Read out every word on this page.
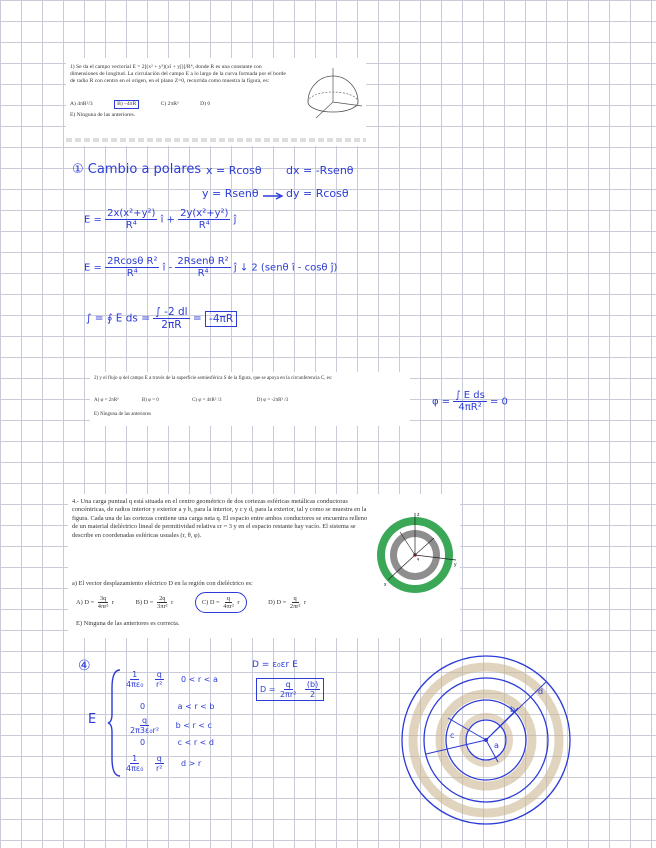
1) Se da el campo vectorial E = 2[(x² + y²)(xî + yĵ)]/R⁴, donde R es una constante con dimensiones de longitud. La circulación del campo E a lo largo de la curva formada por el borde de radio R con centro en el origen, en el plano Z=0, recorrida como muestra la figura, es:
A) 4πR²/3	B) –4πR	C) 2πR²	D) 0
E) Ninguna de las anteriores.
① Cambio a polares x = Rcosθ dx = -Rsenθ
y = Rsenθ dy = Rcosθ
$E = \frac{\text{2x(x²+y²)}}{\text{R⁴}}$ î + $\frac{\text{2y(x²+y²)}}{\text{R⁴}}$ ĵ
$E = \frac{\text{2Rcosθ R²}}{\text{R⁴}}$ î - $\frac{\text{2Rsenθ R²}}{\text{R⁴}}$ ĵ ↓ 2 (senθ î - cosθ ĵ)
∫ = ∮ E ds = $\frac{\int -2 dl}{2\pi R} = -4\pi R$
2) y el flujo φ del campo E a través de la superficie semiesférica S de la figura, que se apoya en la circunferencia C, es:
A) φ = 2πR²	B) φ = 0	C) φ = 4πR² /3	D) φ = -2πR² /3
E) Ninguna de las anteriores
$\varphi = \frac{\text{∫ E ds}}{\text{4πR²}} = 0$
4.- Una carga puntual q está situada en el centro geométrico de dos cortezas esféricas metálicas conductoras concéntricas, de radios interior y exterior a y b, para la interior, y c y d, para la exterior, tal y como se muestra en la figura. Cada una de las cortezas contiene una carga neta q. El espacio entre ambos conductores se encuentra relleno de un material dieléctrico lineal de permitividad relativa εr = 3 y en el espacio restante hay vacío. El sistema se describe en coordenadas esféricas usuales (r, θ, φ).
a) El vector desplazamiento eléctrico D en la región con dieléctrico es:
A) $D = \frac{3q}{\text{4πr²}}$ r	B) $D = \frac{2q}{\text{3πr²}}$ r	C) $D = \frac{q}{\text{4πr²}}$ r	D) $D = \frac{q}{\text{2πr²}}$ r
E) Ninguna de las anteriores es correcta.
z
y
x
q
④
E
$\frac{1}{\text{4πε₀}}$
$\frac{q}{\text{r²}} 0 < r < a$
0	a < r < b
$\frac{q}{\text{2π3ε₀r²}}$ b < r < c
0	c < r < d
$\frac{1}{\text{4πε₀}}$
$\frac{q}{\text{r²}}$ d > r
D = ε₀εr E
$D = \frac{q}{\text{2πr²}}$
$\frac{(b)}{2}$	d
b
c
a
